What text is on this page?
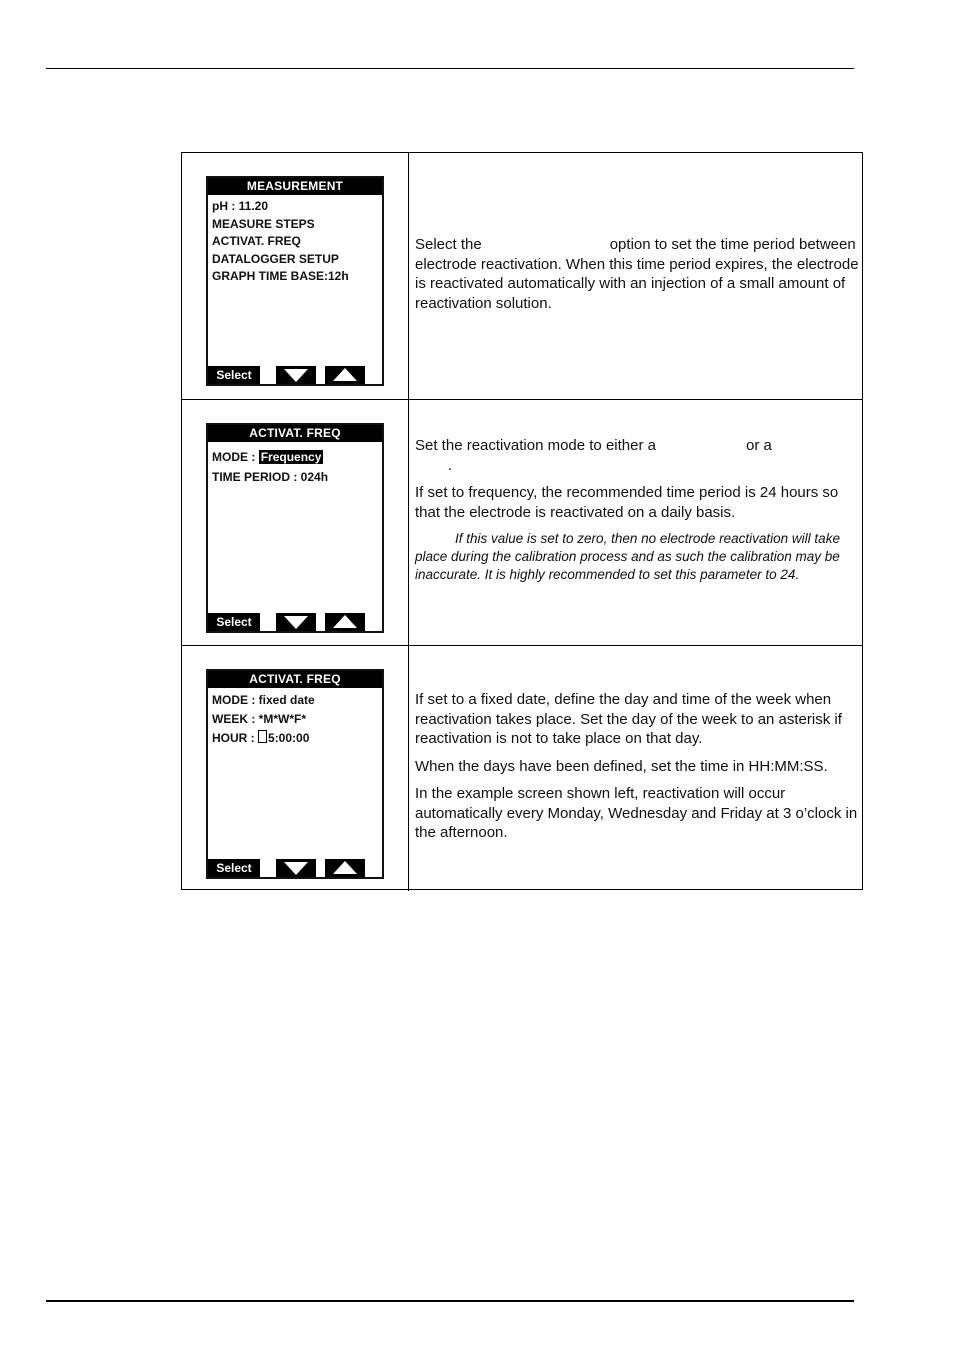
MEASUREMENT
pH : 11.20
MEASURE STEPS
ACTIVAT. FREQ
DATALOGGER SETUP
GRAPH TIME BASE:12h
Select

Select the	option to set the time period between electrode reactivation. When this time period expires, the electrode is reactivated automatically with an injection of a small amount of reactivation solution.

ACTIVAT. FREQ
MODE : Frequency
TIME PERIOD : 024h
Select

Set the reactivation mode to either a	or a
.

If set to frequency, the recommended time period is 24 hours so that the electrode is reactivated on a daily basis.

If this value is set to zero, then no electrode reactivation will take place during the calibration process and as such the calibration may be inaccurate. It is highly recommended to set this parameter to 24.

ACTIVAT. FREQ
MODE : fixed date
WEEK : *M*W*F*
HOUR : 5:00:00
Select

If set to a fixed date, define the day and time of the week when reactivation takes place. Set the day of the week to an asterisk if reactivation is not to take place on that day.

When the days have been defined, set the time in HH:MM:SS.

In the example screen shown left, reactivation will occur automatically every Monday, Wednesday and Friday at 3 o’clock in the afternoon.
